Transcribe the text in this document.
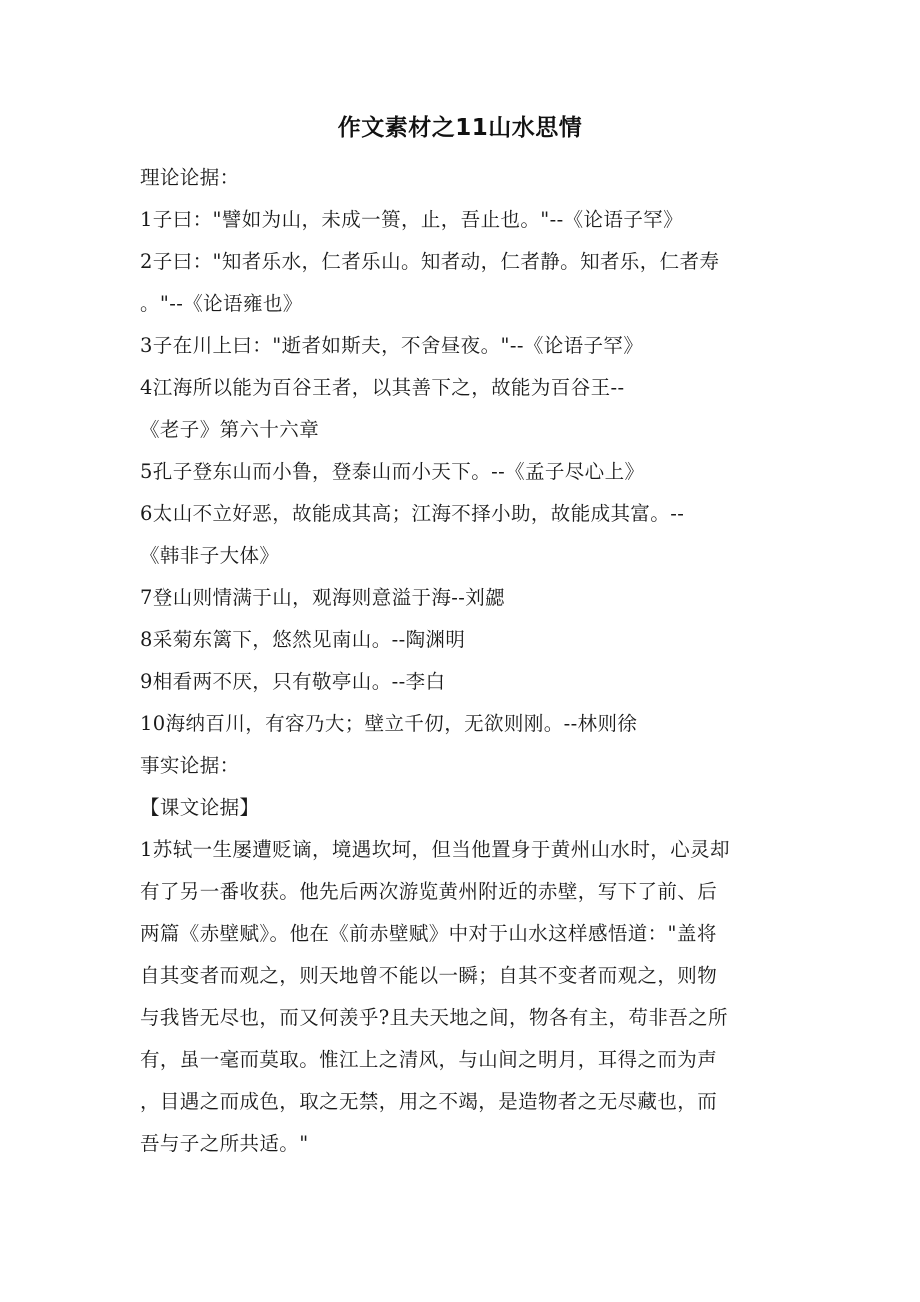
作文素材之11山水思情
理论论据：
1子曰："譬如为山，未成一篑，止，吾止也。"--《论语子罕》
2子曰："知者乐水，仁者乐山。知者动，仁者静。知者乐，仁者寿
。"--《论语雍也》
3子在川上曰："逝者如斯夫，不舍昼夜。"--《论语子罕》
4江海所以能为百谷王者，以其善下之，故能为百谷王--
《老子》第六十六章
5孔子登东山而小鲁，登泰山而小天下。--《孟子尽心上》
6太山不立好恶，故能成其高；江海不择小助，故能成其富。--
《韩非子大体》
7登山则情满于山，观海则意溢于海--刘勰
8采菊东篱下，悠然见南山。--陶渊明
9相看两不厌，只有敬亭山。--李白
10海纳百川，有容乃大；壁立千仞，无欲则刚。--林则徐
事实论据：
【课文论据】
1苏轼一生屡遭贬谪，境遇坎坷，但当他置身于黄州山水时，心灵却
有了另一番收获。他先后两次游览黄州附近的赤壁，写下了前、后
两篇《赤壁赋》。他在《前赤壁赋》中对于山水这样感悟道："盖将
自其变者而观之，则天地曾不能以一瞬；自其不变者而观之，则物
与我皆无尽也，而又何羡乎?且夫天地之间，物各有主，苟非吾之所
有，虽一毫而莫取。惟江上之清风，与山间之明月，耳得之而为声
，目遇之而成色，取之无禁，用之不竭，是造物者之无尽藏也，而
吾与子之所共适。"
